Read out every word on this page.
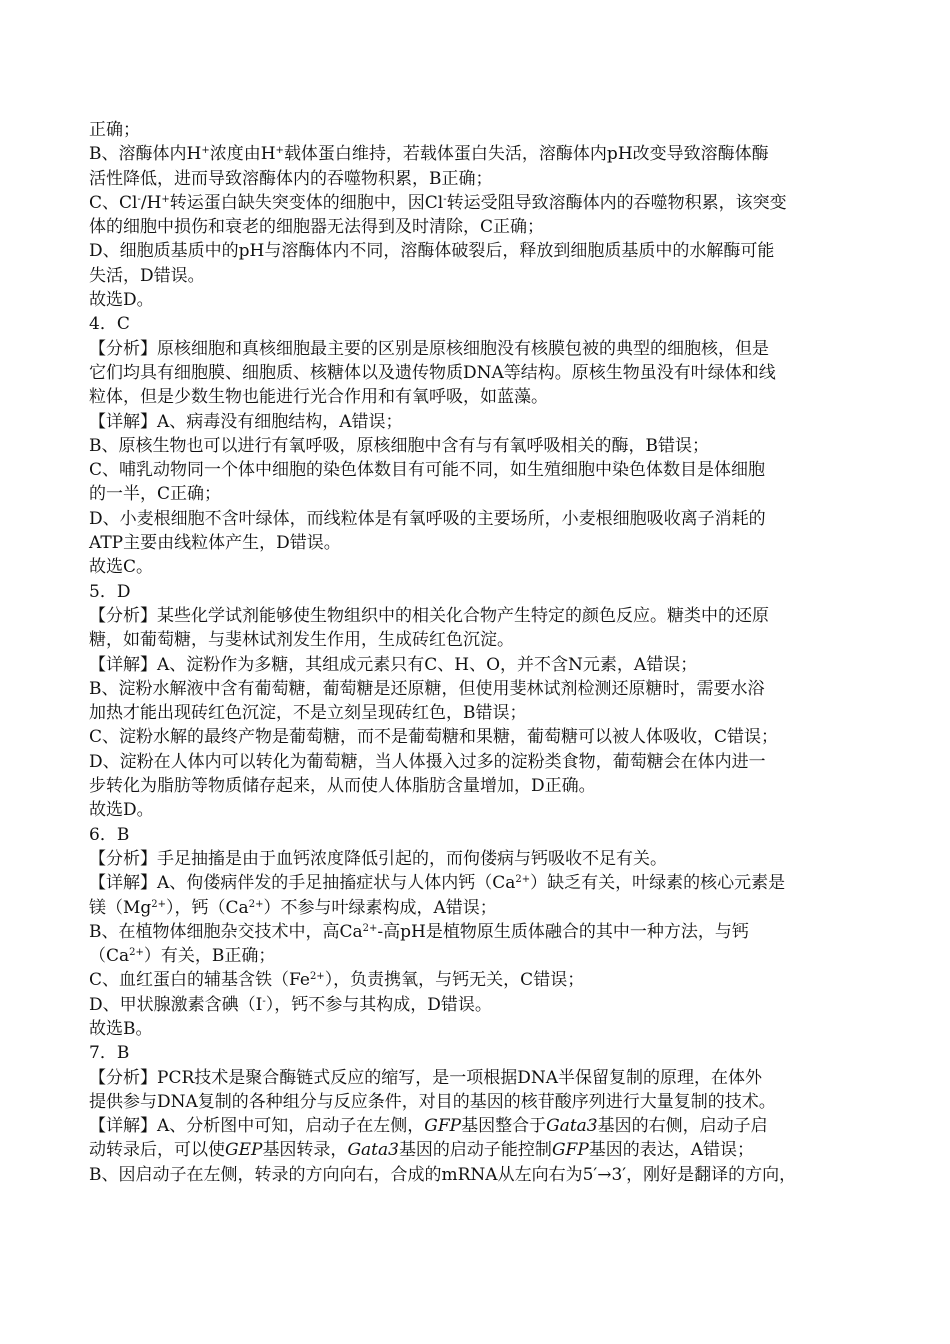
正确；

B、溶酶体内H+浓度由H+载体蛋白维持，若载体蛋白失活，溶酶体内pH改变导致溶酶体酶

活性降低，进而导致溶酶体内的吞噬物积累，B正确；

C、Cl-/H+转运蛋白缺失突变体的细胞中，因Cl-转运受阻导致溶酶体内的吞噬物积累，该突变

体的细胞中损伤和衰老的细胞器无法得到及时清除，C正确；

D、细胞质基质中的pH与溶酶体内不同，溶酶体破裂后，释放到细胞质基质中的水解酶可能

失活，D错误。

故选D。

4．C

【分析】原核细胞和真核细胞最主要的区别是原核细胞没有核膜包被的典型的细胞核，但是

它们均具有细胞膜、细胞质、核糖体以及遗传物质DNA等结构。原核生物虽没有叶绿体和线

粒体，但是少数生物也能进行光合作用和有氧呼吸，如蓝藻。

【详解】A、病毒没有细胞结构，A错误；

B、原核生物也可以进行有氧呼吸，原核细胞中含有与有氧呼吸相关的酶，B错误；

C、哺乳动物同一个体中细胞的染色体数目有可能不同，如生殖细胞中染色体数目是体细胞

的一半，C正确；

D、小麦根细胞不含叶绿体，而线粒体是有氧呼吸的主要场所，小麦根细胞吸收离子消耗的

ATP主要由线粒体产生，D错误。

故选C。

5．D

【分析】某些化学试剂能够使生物组织中的相关化合物产生特定的颜色反应。糖类中的还原

糖，如葡萄糖，与斐林试剂发生作用，生成砖红色沉淀。

【详解】A、淀粉作为多糖，其组成元素只有C、H、O，并不含N元素，A错误；

B、淀粉水解液中含有葡萄糖，葡萄糖是还原糖，但使用斐林试剂检测还原糖时，需要水浴

加热才能出现砖红色沉淀，不是立刻呈现砖红色，B错误；

C、淀粉水解的最终产物是葡萄糖，而不是葡萄糖和果糖，葡萄糖可以被人体吸收，C错误；

D、淀粉在人体内可以转化为葡萄糖，当人体摄入过多的淀粉类食物，葡萄糖会在体内进一

步转化为脂肪等物质储存起来，从而使人体脂肪含量增加，D正确。

故选D。

6．B

【分析】手足抽搐是由于血钙浓度降低引起的，而佝偻病与钙吸收不足有关。

【详解】A、佝偻病伴发的手足抽搐症状与人体内钙$(Ca^{2+})$缺乏有关，叶绿素的核心元素是

镁$(Mg^{2+})$，钙$(Ca^{2+})$不参与叶绿素构成，A错误；

B、在植物体细胞杂交技术中，高$Ca^{2+}-$高pH是植物原生质体融合的其中一种方法，与钙

$(Ca^{2+})$有关，B正确；

C、血红蛋白的辅基含铁$(Fe^{2+})$，负责携氧，与钙无关，C错误；

D、甲状腺激素含碘（I-），钙不参与其构成，D错误。

故选B。

7．B

【分析】PCR技术是聚合酶链式反应的缩写，是一项根据DNA半保留复制的原理，在体外

提供参与DNA复制的各种组分与反应条件，对目的基因的核苷酸序列进行大量复制的技术。

【详解】A、分析图中可知，启动子在左侧，GFP基因整合于Gata3基因的右侧，启动子启

动转录后，可以使GEP基因转录，Gata3基因的启动子能控制GFP基因的表达，A错误；

B、因启动子在左侧，转录的方向向右，合成的mRNA从左向右为5′→3′，刚好是翻译的方向，
